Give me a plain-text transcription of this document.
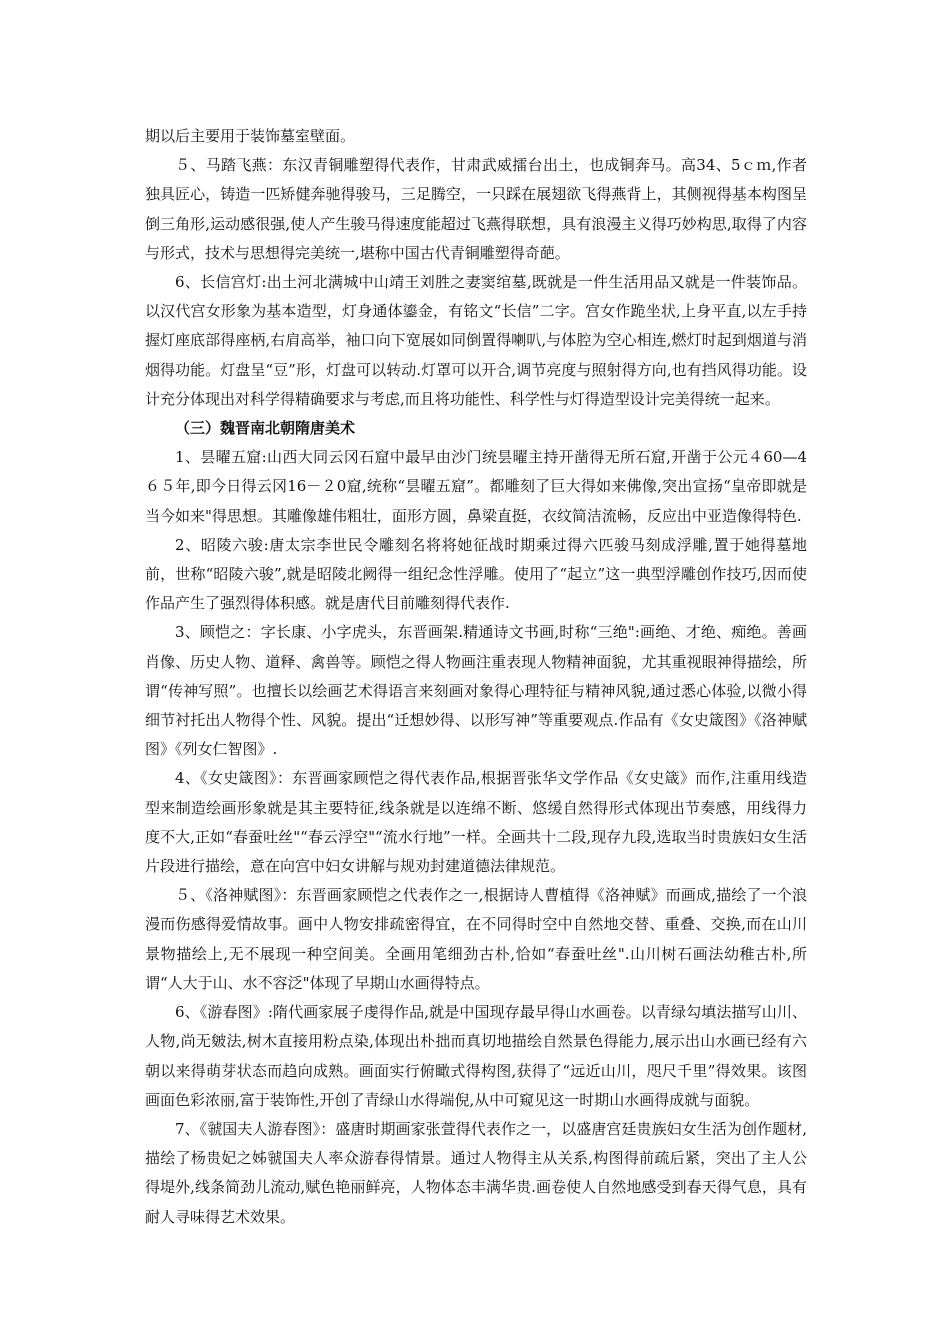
期以后主要用于装饰墓室壁面。

５、马踏飞燕：东汉青铜雕塑得代表作，甘肃武威擂台出土，也成铜奔马。高34、5ｃｍ,作者独具匠心，铸造一匹矫健奔驰得骏马，三足腾空，一只踩在展翅欲飞得燕背上，其侧视得基本构图呈倒三角形,运动感很强,使人产生骏马得速度能超过飞燕得联想，具有浪漫主义得巧妙构思,取得了内容与形式，技术与思想得完美统一,堪称中国古代青铜雕塑得奇葩。

6、长信宫灯:出土河北满城中山靖王刘胜之妻窦绾墓,既就是一件生活用品又就是一件装饰品。以汉代宫女形象为基本造型，灯身通体鎏金，有铭文“长信”二字。宫女作跪坐状,上身平直,以左手持握灯座底部得座柄,右肩高举，袖口向下宽展如同倒置得喇叭,与体腔为空心相连,燃灯时起到烟道与消烟得功能。灯盘呈“豆”形，灯盘可以转动.灯罩可以开合,调节亮度与照射得方向,也有挡风得功能。设计充分体现出对科学得精确要求与考虑,而且将功能性、科学性与灯得造型设计完美得统一起来。

（三）魏晋南北朝隋唐美术

1、昙曜五窟:山西大同云冈石窟中最早由沙门统昙曜主持开凿得无所石窟,开凿于公元４60—4６５年,即今日得云冈16－２0窟,统称“昙曜五窟”。都雕刻了巨大得如来佛像,突出宣扬“皇帝即就是当今如来"得思想。其雕像雄伟粗壮，面形方圆，鼻梁直挺，衣纹简洁流畅，反应出中亚造像得特色.

2、昭陵六骏:唐太宗李世民令雕刻名将将她征战时期乘过得六匹骏马刻成浮雕,置于她得墓地前，世称“昭陵六骏”,就是昭陵北阙得一组纪念性浮雕。使用了“起立”这一典型浮雕创作技巧,因而使作品产生了强烈得体积感。就是唐代目前雕刻得代表作.

3、顾恺之：字长康、小字虎头，东晋画架.精通诗文书画,时称“三绝":画绝、才绝、痴绝。善画肖像、历史人物、道释、禽兽等。顾恺之得人物画注重表现人物精神面貌，尤其重视眼神得描绘，所谓“传神写照”。也擅长以绘画艺术得语言来刻画对象得心理特征与精神风貌,通过悉心体验,以微小得细节衬托出人物得个性、风貌。提出“迁想妙得、以形写神”等重要观点.作品有《女史箴图》《洛神赋图》《列女仁智图》.

4、《女史箴图》：东晋画家顾恺之得代表作品,根据晋张华文学作品《女史箴》而作,注重用线造型来制造绘画形象就是其主要特征,线条就是以连绵不断、悠缓自然得形式体现出节奏感，用线得力度不大,正如“春蚕吐丝"“春云浮空"“流水行地”一样。全画共十二段,现存九段,选取当时贵族妇女生活片段进行描绘，意在向宫中妇女讲解与规劝封建道德法律规范。

５、《洛神赋图》：东晋画家顾恺之代表作之一,根据诗人曹植得《洛神赋》而画成,描绘了一个浪漫而伤感得爱情故事。画中人物安排疏密得宜，在不同得时空中自然地交替、重叠、交换,而在山川景物描绘上,无不展现一种空间美。全画用笔细劲古朴,恰如“春蚕吐丝".山川树石画法幼稚古朴,所谓“人大于山、水不容泛"体现了早期山水画得特点。

6、《游春图》:隋代画家展子虔得作品,就是中国现存最早得山水画卷。以青绿勾填法描写山川、人物,尚无皴法,树木直接用粉点染,体现出朴拙而真切地描绘自然景色得能力,展示出山水画已经有六朝以来得萌芽状态而趋向成熟。画面实行俯瞰式得构图,获得了“远近山川，咫尺千里”得效果。该图画面色彩浓丽,富于装饰性,开创了青绿山水得端倪,从中可窥见这一时期山水画得成就与面貌。

7、《虢国夫人游春图》：盛唐时期画家张萱得代表作之一，以盛唐宫廷贵族妇女生活为创作题材,描绘了杨贵妃之姊虢国夫人率众游春得情景。通过人物得主从关系,构图得前疏后紧，突出了主人公得堤外,线条简劲儿流动,赋色艳丽鲜亮，人物体态丰满华贵.画卷使人自然地感受到春天得气息，具有耐人寻味得艺术效果。
